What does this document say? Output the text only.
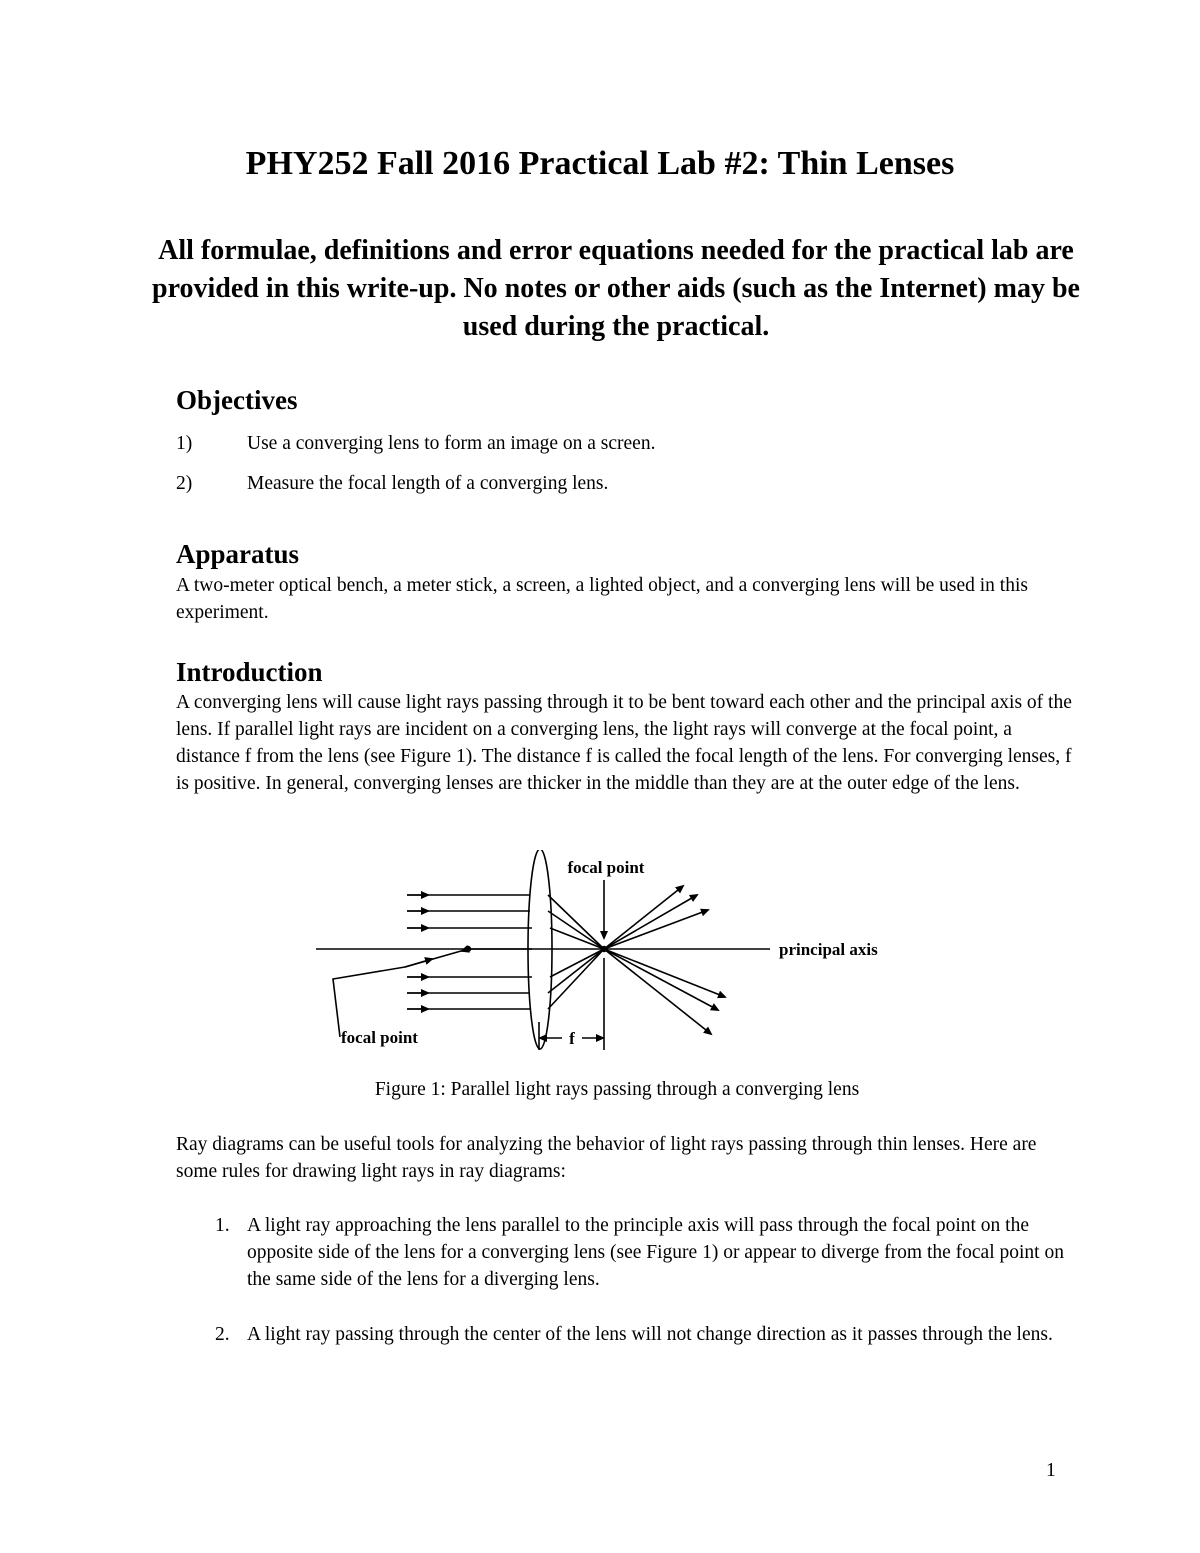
PHY252 Fall 2016 Practical Lab #2: Thin Lenses
All formulae, definitions and error equations needed for the practical lab are provided in this write-up. No notes or other aids (such as the Internet) may be used during the practical.
Objectives
1)	Use a converging lens to form an image on a screen.
2)	Measure the focal length of a converging lens.
Apparatus
A two-meter optical bench, a meter stick, a screen, a lighted object, and a converging lens will be used in this experiment.
Introduction
A converging lens will cause light rays passing through it to be bent toward each other and the principal axis of the lens. If parallel light rays are incident on a converging lens, the light rays will converge at the focal point, a distance f from the lens (see Figure 1). The distance f is called the focal length of the lens. For converging lenses, f is positive. In general, converging lenses are thicker in the middle than they are at the outer edge of the lens.
focal point
principal axis
focal point	f
Figure 1: Parallel light rays passing through a converging lens
Ray diagrams can be useful tools for analyzing the behavior of light rays passing through thin lenses. Here are some rules for drawing light rays in ray diagrams:
1. A light ray approaching the lens parallel to the principle axis will pass through the focal point on the opposite side of the lens for a converging lens (see Figure 1) or appear to diverge from the focal point on the same side of the lens for a diverging lens.
2. A light ray passing through the center of the lens will not change direction as it passes through the lens.
1
